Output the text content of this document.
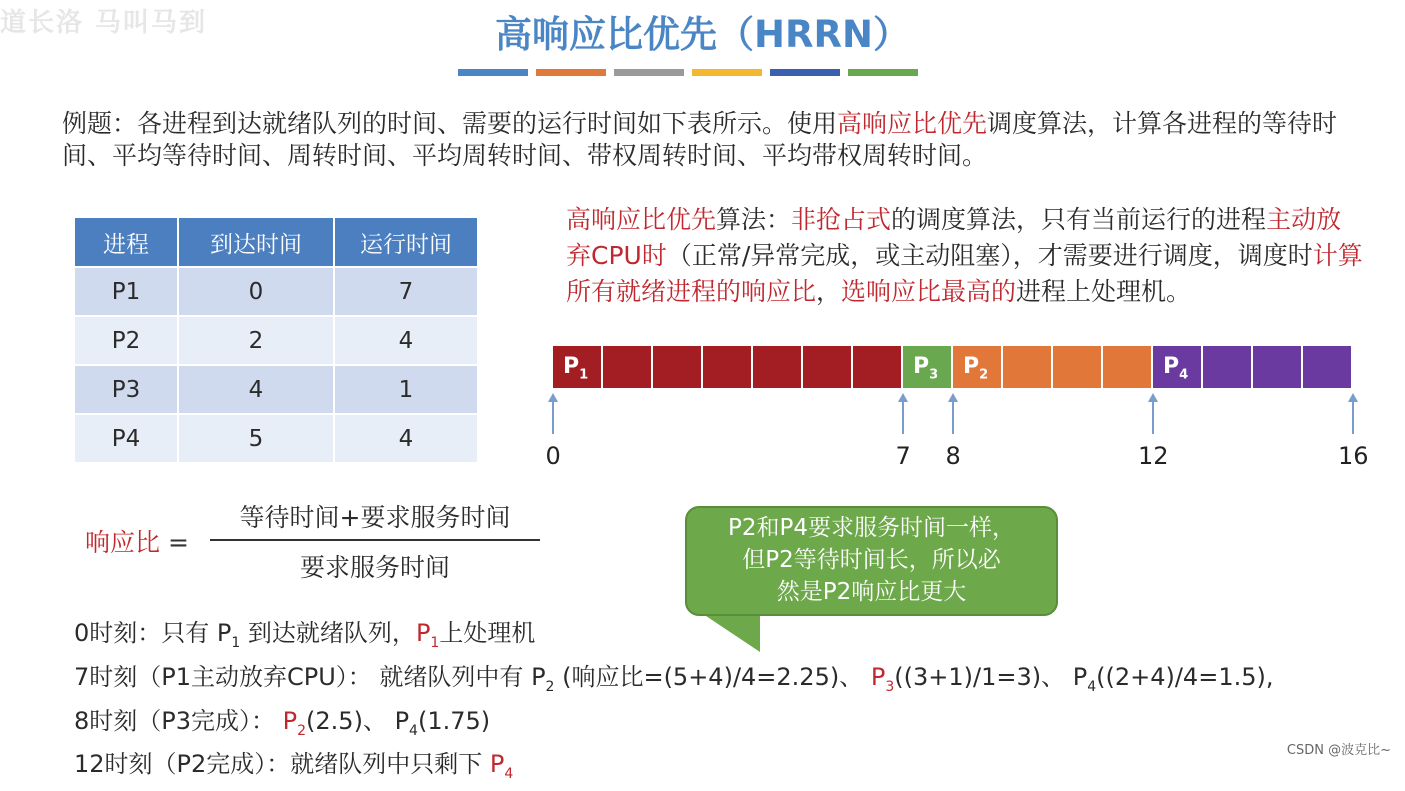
道长洛 马叫马到	高响应比优先（HRRN）
例题：各进程到达就绪队列的时间、需要的运行时间如下表所示。使用高响应比优先调度算法，计算各进程的等待时间、平均等待时间、周转时间、平均周转时间、带权周转时间、平均带权周转时间。
进程	到达时间	运行时间
P1	0	7
P2	2	4
P3	4	1
P4	5	4
高响应比优先算法：非抢占式的调度算法，只有当前运行的进程主动放弃CPU时（正常/异常完成，或主动阻塞），才需要进行调度，调度时计算所有就绪进程的响应比，选响应比最高的进程上处理机。
$P_1$	$P_3$	$P_2$	$P_4$
0	7 8	12	16
响应比 =
等待时间+要求服务时间
要求服务时间
P2和P4要求服务时间一样，
但P2等待时间长，所以必
然是P2响应比更大
0时刻：只有 $P_1$ 到达就绪队列，$P_1$上处理机
7时刻（P1主动放弃CPU）： 就绪队列中有 $P_2$ (响应比=(5+4)/4=2.25)、 $P_3((3+1)/1=3)$、 $P_4((2+4)/4=1.5)$,
8时刻（P3完成）： $P_2(2.5)$、 $P_4(1.75)$
12时刻（P2完成）：就绪队列中只剩下 $P_4$
CSDN @波克比~
